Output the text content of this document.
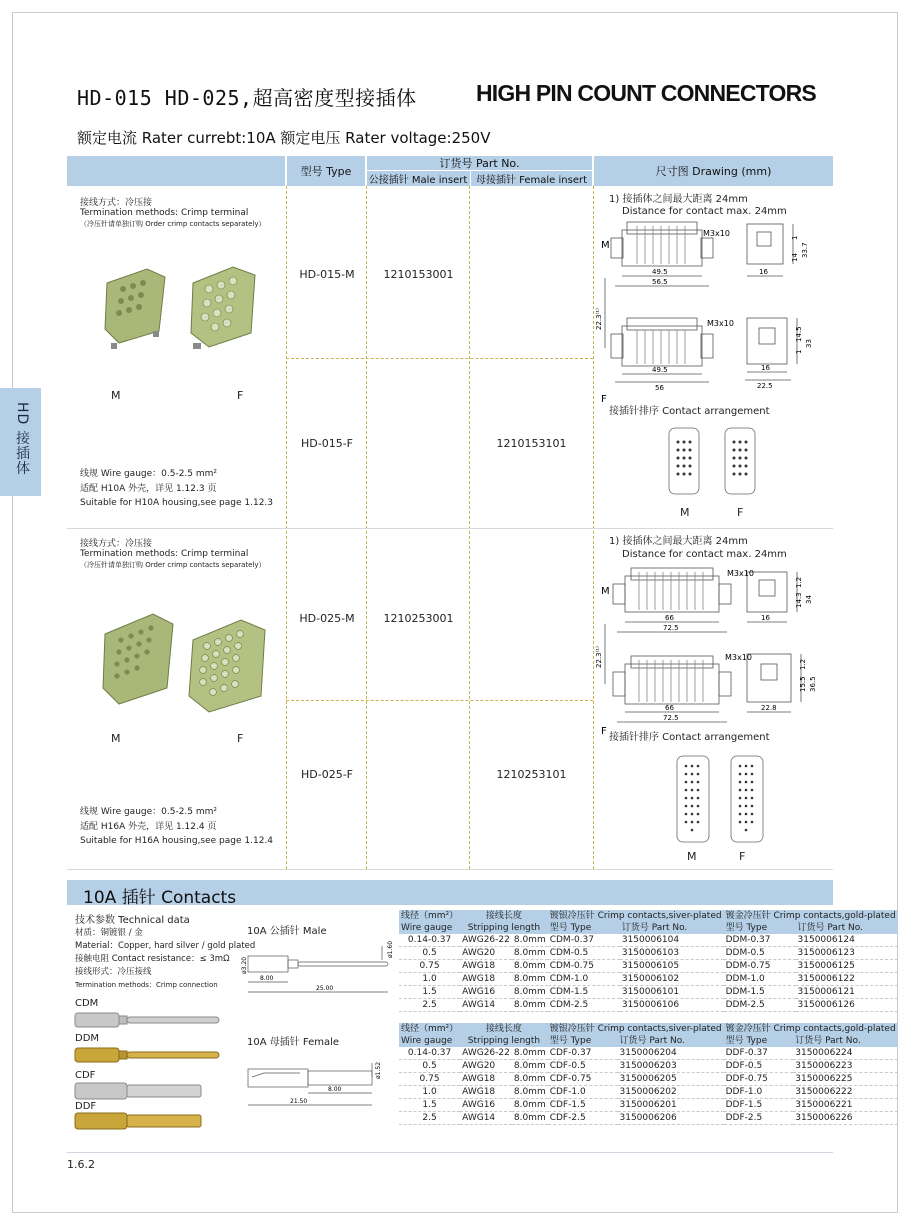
HD 接插体
HD-015 HD-025,超高密度型接插体	HIGH PIN COUNT CONNECTORS
额定电流 Rater currebt:10A 额定电压 Rater voltage:250V
型号 Type
订货号 Part No.
公接插针 Male insert 母接插针 Female insert
尺寸图 Drawing (mm)
接线方式：冷压接
Termination methods: Crimp terminal
（冷压针请单独订购 Order crimp contacts separately）
M	F
线规 Wire gauge：0.5-2.5 mm²
适配 H10A 外壳，详见 1.12.3 页
Suitable for H10A housing,see page 1.12.3
HD-015-M	1210153001
HD-015-F	1210153101
1) 接插体之间最大距离 24mm
Distance for contact max. 24mm
M
F
M3x10
M3x10
49.5
56.5
16
14
1
33.7
49.5
56
16
22.5
1
14.5
33
22.3⁽¹⁾
接插针排序 Contact arrangement
M	F
接线方式：冷压接
Termination methods: Crimp terminal
（冷压针请单独订购 Order crimp contacts separately）
M	F
线规 Wire gauge：0.5-2.5 mm²
适配 H16A 外壳，详见 1.12.4 页
Suitable for H16A housing,see page 1.12.4
HD-025-M	1210253001
HD-025-F	1210253101
1) 接插体之间最大距离 24mm
Distance for contact max. 24mm
M
F
M3x10
M3x10
66
72.5
16
14.3
1.2
34
66
72.5
22.8
1.2
15.5 36.5
22.3⁽¹⁾
接插针排序 Contact arrangement
M	F
10A 插针 Contacts
技术参数 Technical data
材质：铜镀银 / 金
Material：Copper, hard silver / gold plated
接触电阻 Contact resistance：≤ 3mΩ
接线形式：冷压接线
Termination methods：Crimp connection
CDM
DDM
CDF
DDF
10A 公插针 Male
ø1.60
ø3.20
8.00
25.00
10A 母插针 Female
ø1.52
8.00
21.50
线径（mm²）	接线长度		镀银冷压针 Crimp contacts,siver-plated		镀金冷压针 Crimp contacts,gold-plated	
Wire gauge	Stripping length		型号 Type	订货号 Part No.	型号 Type	订货号 Part No.
0.14-0.37	AWG26-22	8.0mm	CDM-0.37	3150006104	DDM-0.37	3150006124
0.5	AWG20	8.0mm	CDM-0.5	3150006103	DDM-0.5	3150006123
0.75	AWG18	8.0mm	CDM-0.75	3150006105	DDM-0.75	3150006125
1.0	AWG18	8.0mm	CDM-1.0	3150006102	DDM-1.0	3150006122
1.5	AWG16	8.0mm	CDM-1.5	3150006101	DDM-1.5	3150006121
2.5	AWG14	8.0mm	CDM-2.5	3150006106	DDM-2.5	3150006126
线径（mm²）	接线长度		镀银冷压针 Crimp contacts,siver-plated		镀金冷压针 Crimp contacts,gold-plated	
Wire gauge	Stripping length		型号 Type	订货号 Part No.	型号 Type	订货号 Part No.
0.14-0.37	AWG26-22	8.0mm	CDF-0.37	3150006204	DDF-0.37	3150006224
0.5	AWG20	8.0mm	CDF-0.5	3150006203	DDF-0.5	3150006223
0.75	AWG18	8.0mm	CDF-0.75	3150006205	DDF-0.75	3150006225
1.0	AWG18	8.0mm	CDF-1.0	3150006202	DDF-1.0	3150006222
1.5	AWG16	8.0mm	CDF-1.5	3150006201	DDF-1.5	3150006221
2.5	AWG14	8.0mm	CDF-2.5	3150006206	DDF-2.5	3150006226
1.6.2
